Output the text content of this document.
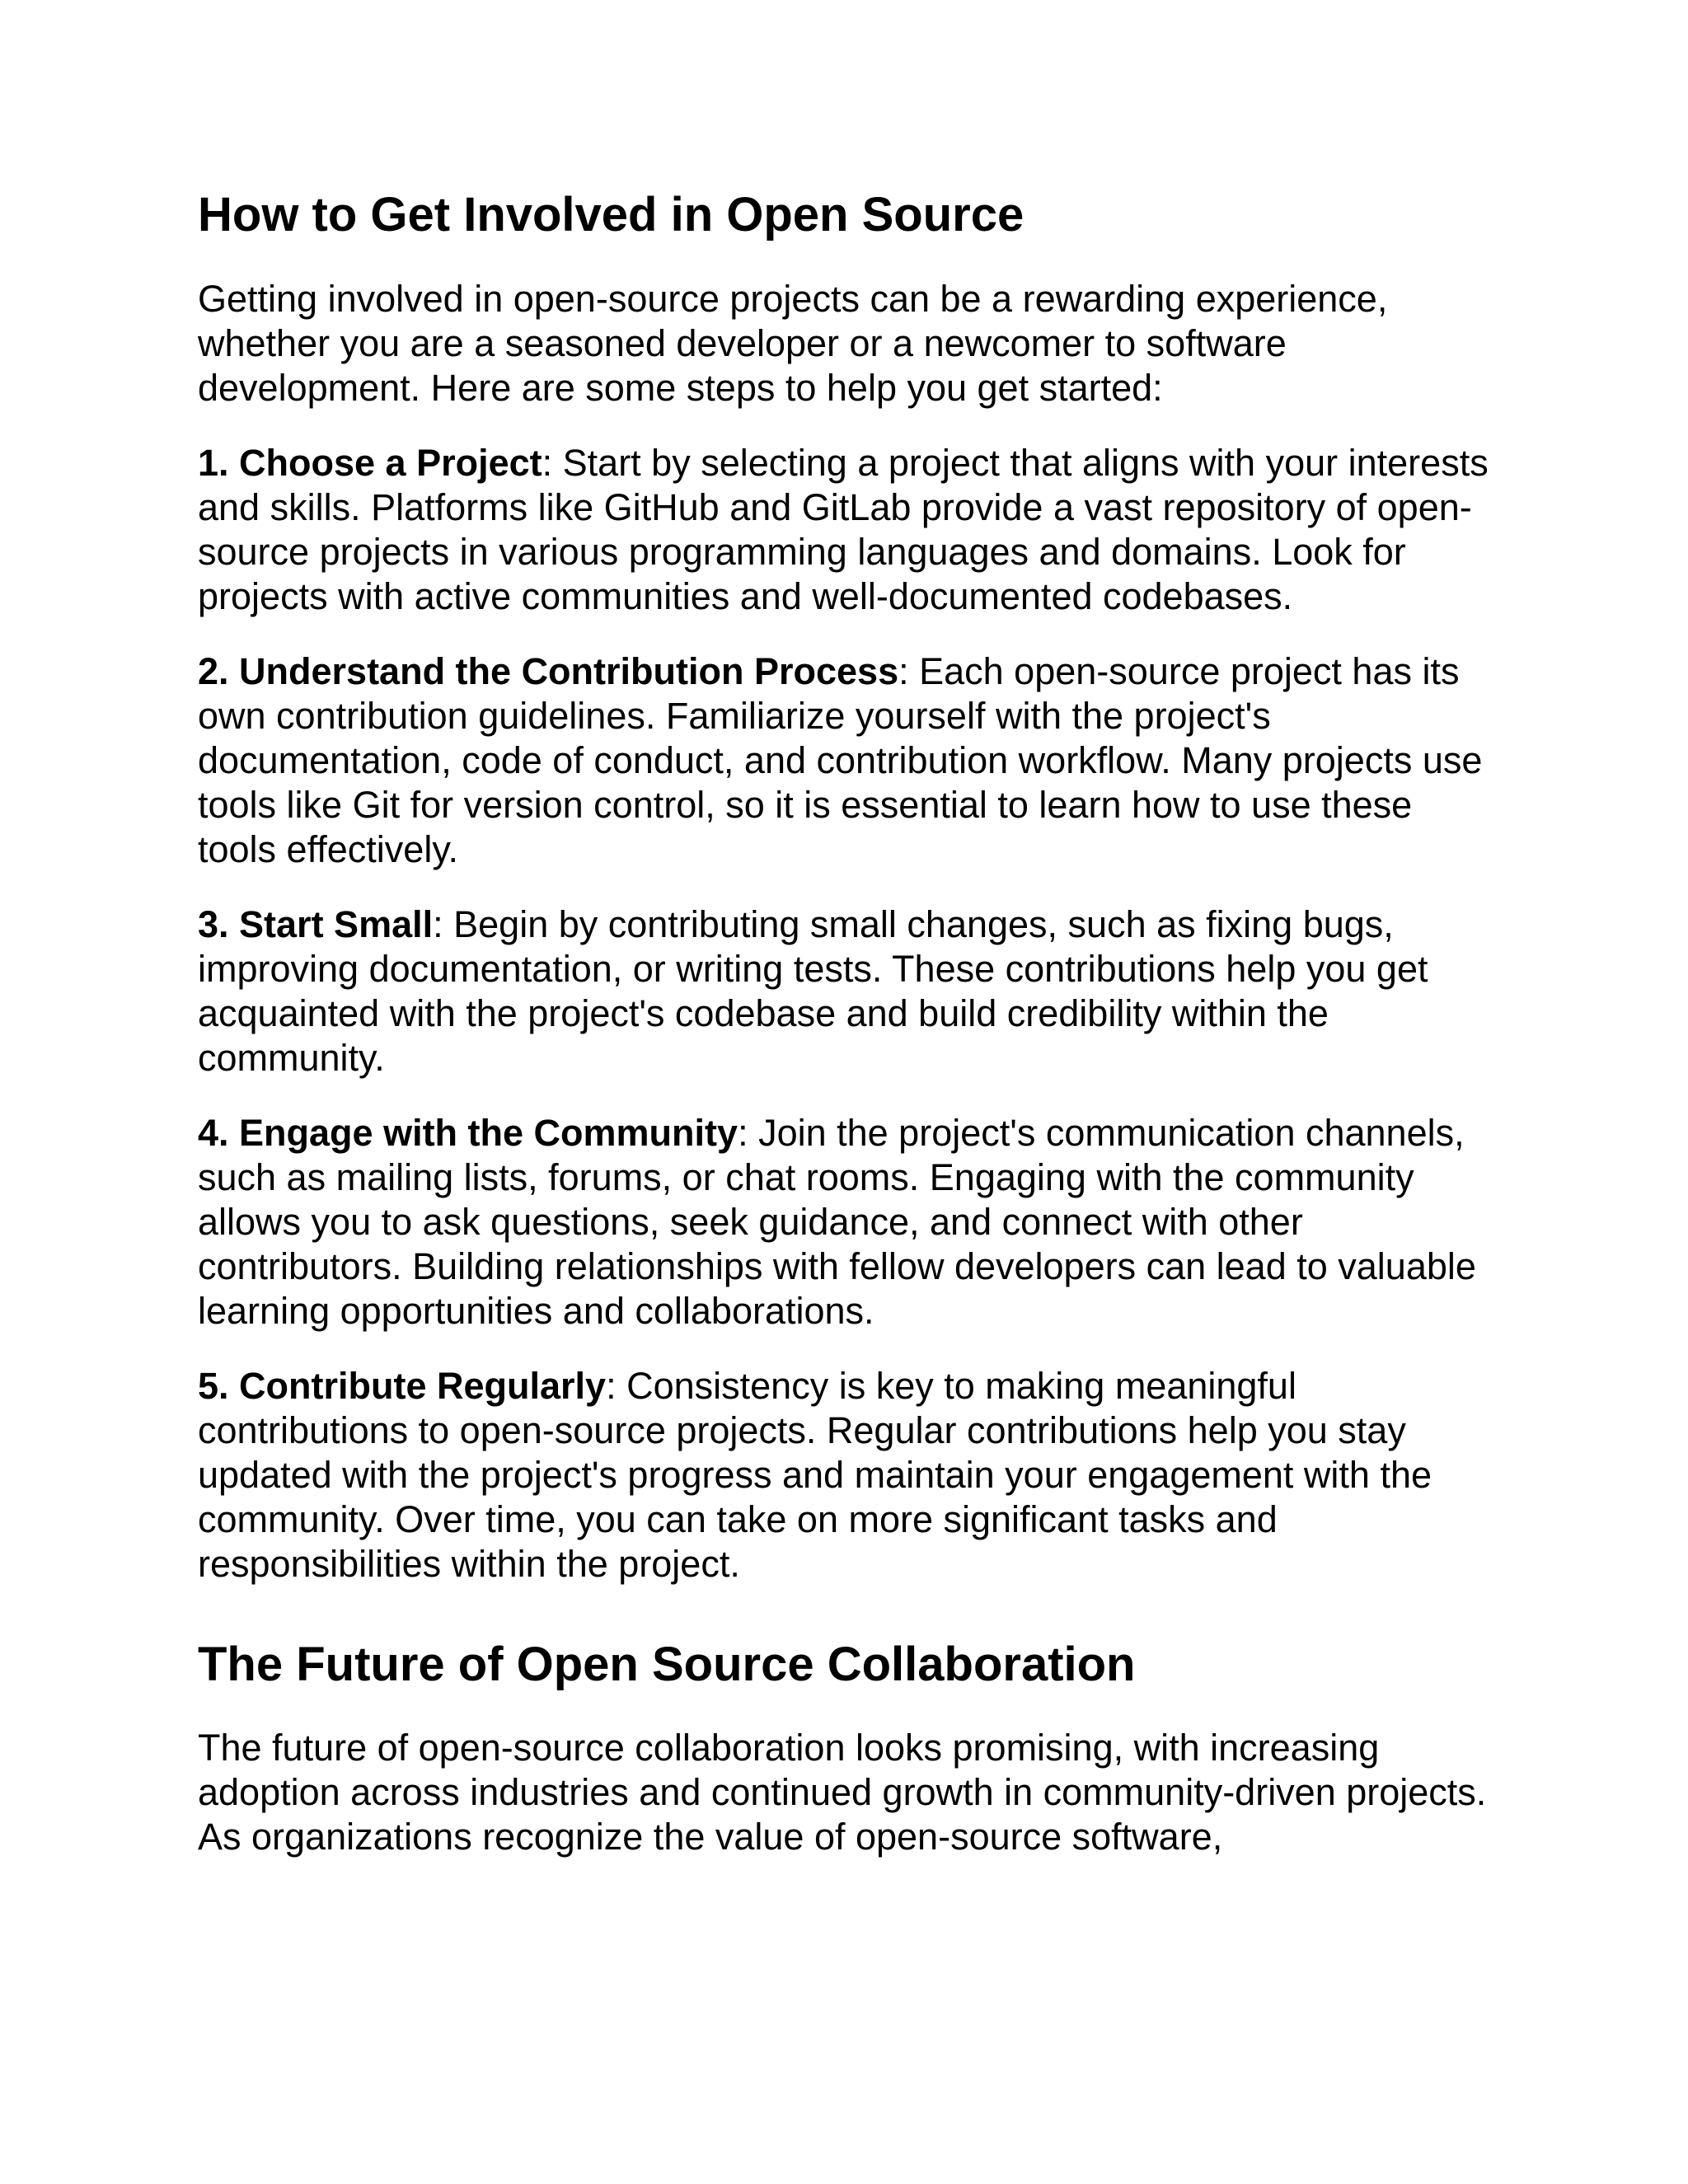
How to Get Involved in Open Source

Getting involved in open-source projects can be a rewarding experience, whether you are a seasoned developer or a newcomer to software development. Here are some steps to help you get started:

1. Choose a Project: Start by selecting a project that aligns with your interests and skills. Platforms like GitHub and GitLab provide a vast repository of open-source projects in various programming languages and domains. Look for projects with active communities and well-documented codebases.

2. Understand the Contribution Process: Each open-source project has its own contribution guidelines. Familiarize yourself with the project's documentation, code of conduct, and contribution workflow. Many projects use tools like Git for version control, so it is essential to learn how to use these tools effectively.

3. Start Small: Begin by contributing small changes, such as fixing bugs, improving documentation, or writing tests. These contributions help you get acquainted with the project's codebase and build credibility within the community.

4. Engage with the Community: Join the project's communication channels, such as mailing lists, forums, or chat rooms. Engaging with the community allows you to ask questions, seek guidance, and connect with other contributors. Building relationships with fellow developers can lead to valuable learning opportunities and collaborations.

5. Contribute Regularly: Consistency is key to making meaningful contributions to open-source projects. Regular contributions help you stay updated with the project's progress and maintain your engagement with the community. Over time, you can take on more significant tasks and responsibilities within the project.

The Future of Open Source Collaboration

The future of open-source collaboration looks promising, with increasing adoption across industries and continued growth in community-driven projects. As organizations recognize the value of open-source software,
